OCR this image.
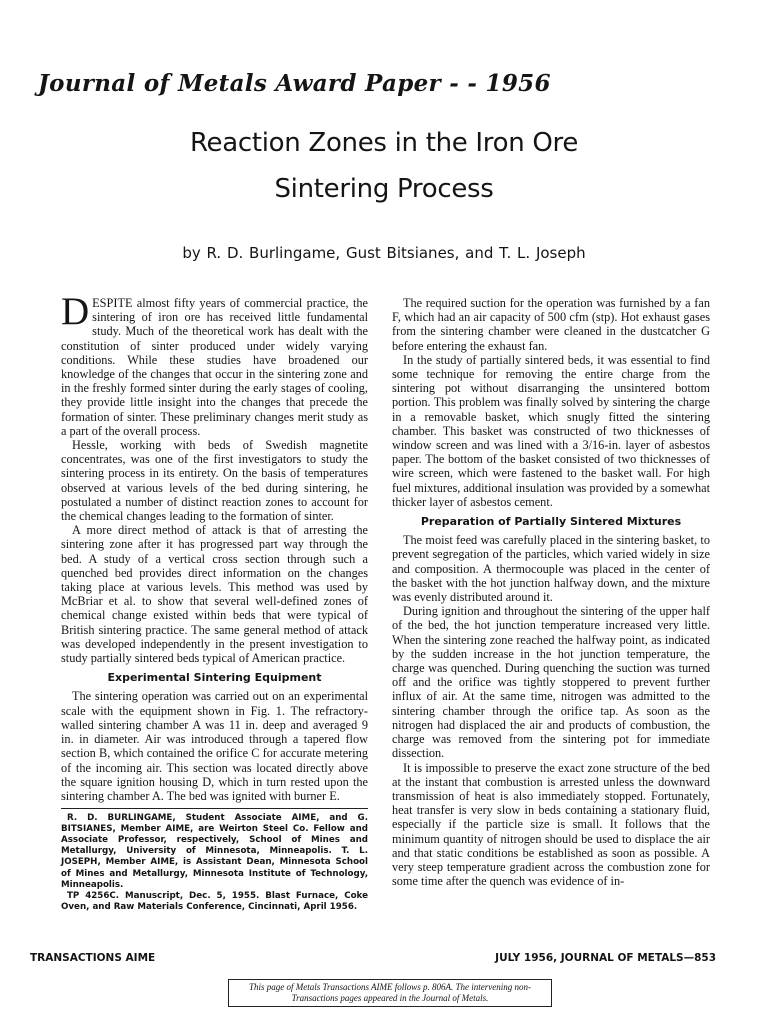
Journal of Metals Award Paper - - 1956
Reaction Zones in the Iron Ore
Sintering Process
by R. D. Burlingame, Gust Bitsianes, and T. L. Joseph

DESPITE almost fifty years of commercial practice, the sintering of iron ore has received little fundamental study. Much of the theoretical work has dealt with the constitution of sinter produced under widely varying conditions. While these studies have broadened our knowledge of the changes that occur in the sintering zone and in the freshly formed sinter during the early stages of cooling, they provide little insight into the changes that precede the formation of sinter. These preliminary changes merit study as a part of the overall process.

Hessle, working with beds of Swedish magnetite concentrates, was one of the first investigators to study the sintering process in its entirety. On the basis of temperatures observed at various levels of the bed during sintering, he postulated a number of distinct reaction zones to account for the chemical changes leading to the formation of sinter.

A more direct method of attack is that of arresting the sintering zone after it has progressed part way through the bed. A study of a vertical cross section through such a quenched bed provides direct information on the changes taking place at various levels. This method was used by McBriar et al. to show that several well-defined zones of chemical change existed within beds that were typical of British sintering practice. The same general method of attack was developed independently in the present investigation to study partially sintered beds typical of American practice.

Experimental Sintering Equipment

The sintering operation was carried out on an experimental scale with the equipment shown in Fig. 1. The refractory-walled sintering chamber A was 11 in. deep and averaged 9 in. in diameter. Air was introduced through a tapered flow section B, which contained the orifice C for accurate metering of the incoming air. This section was located directly above the square ignition housing D, which in turn rested upon the sintering chamber A. The bed was ignited with burner E.

R. D. BURLINGAME, Student Associate AIME, and G. BITSIANES, Member AIME, are Weirton Steel Co. Fellow and Associate Professor, respectively, School of Mines and Metallurgy, University of Minnesota, Minneapolis. T. L. JOSEPH, Member AIME, is Assistant Dean, Minnesota School of Mines and Metallurgy, Minnesota Institute of Technology, Minneapolis.

TP 4256C. Manuscript, Dec. 5, 1955. Blast Furnace, Coke Oven, and Raw Materials Conference, Cincinnati, April 1956.

The required suction for the operation was furnished by a fan F, which had an air capacity of 500 cfm (stp). Hot exhaust gases from the sintering chamber were cleaned in the dustcatcher G before entering the exhaust fan.

In the study of partially sintered beds, it was essential to find some technique for removing the entire charge from the sintering pot without disarranging the unsintered bottom portion. This problem was finally solved by sintering the charge in a removable basket, which snugly fitted the sintering chamber. This basket was constructed of two thicknesses of window screen and was lined with a 3/16-in. layer of asbestos paper. The bottom of the basket consisted of two thicknesses of wire screen, which were fastened to the basket wall. For high fuel mixtures, additional insulation was provided by a somewhat thicker layer of asbestos cement.

Preparation of Partially Sintered Mixtures

The moist feed was carefully placed in the sintering basket, to prevent segregation of the particles, which varied widely in size and composition. A thermocouple was placed in the center of the basket with the hot junction halfway down, and the mixture was evenly distributed around it.

During ignition and throughout the sintering of the upper half of the bed, the hot junction temperature increased very little. When the sintering zone reached the halfway point, as indicated by the sudden increase in the hot junction temperature, the charge was quenched. During quenching the suction was turned off and the orifice was tightly stoppered to prevent further influx of air. At the same time, nitrogen was admitted to the sintering chamber through the orifice tap. As soon as the nitrogen had displaced the air and products of combustion, the charge was removed from the sintering pot for immediate dissection.

It is impossible to preserve the exact zone structure of the bed at the instant that combustion is arrested unless the downward transmission of heat is also immediately stopped. Fortunately, heat transfer is very slow in beds containing a stationary fluid, especially if the particle size is small. It follows that the minimum quantity of nitrogen should be used to displace the air and that static conditions be established as soon as possible. A very steep temperature gradient across the combustion zone for some time after the quench was evidence of in-

TRANSACTIONS AIME	JULY 1956, JOURNAL OF METALS—853
This page of Metals Transactions AIME follows p. 806A. The intervening non-Transactions pages appeared in the Journal of Metals.
